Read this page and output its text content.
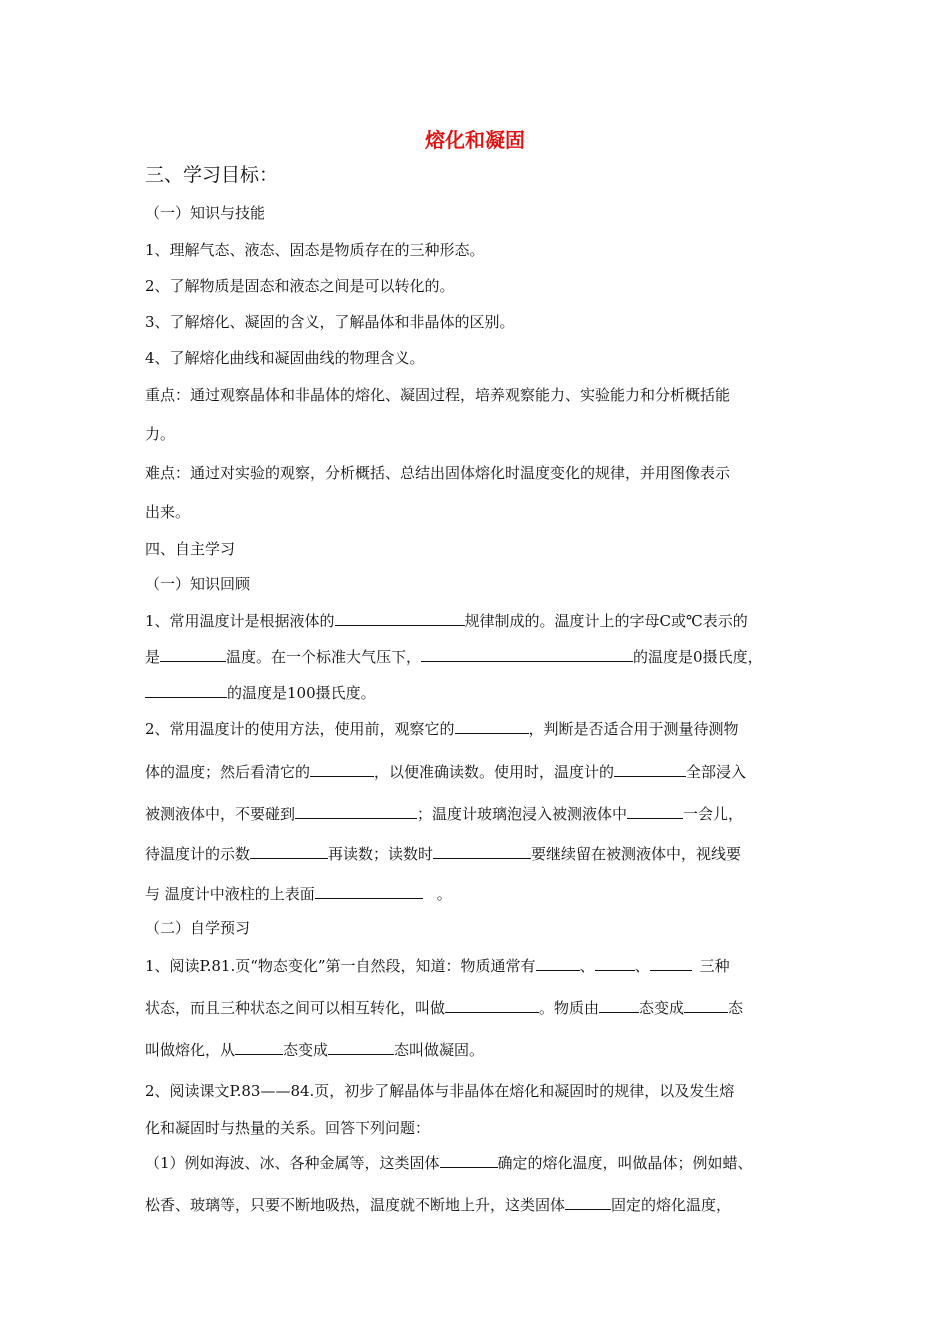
熔化和凝固
三、学习目标：
（一）知识与技能
1、理解气态、液态、固态是物质存在的三种形态。
2、了解物质是固态和液态之间是可以转化的。
3、了解熔化、凝固的含义，了解晶体和非晶体的区别。
4、了解熔化曲线和凝固曲线的物理含义。
重点：通过观察晶体和非晶体的熔化、凝固过程，培养观察能力、实验能力和分析概括能
力。
难点：通过对实验的观察，分析概括、总结出固体熔化时温度变化的规律，并用图像表示
出来。
四、自主学习
（一）知识回顾
1、常用温度计是根据液体的	规律制成的。温度计上的字母C或℃表示的
是	温度。在一个标准大气压下，	的温度是0摄氏度，
的温度是100摄氏度。
2、常用温度计的使用方法，使用前，观察它的	，判断是否适合用于测量待测物
体的温度；然后看清它的	，以便准确读数。使用时，温度计的	全部浸入
被测液体中，不要碰到	；温度计玻璃泡浸入被测液体中	一会儿，
待温度计的示数	再读数；读数时	要继续留在被测液体中，视线要
与 温度计中液柱的上表面	。
（二）自学预习
1、阅读P.81.页“物态变化”第一自然段，知道：物质通常有	、	、	三种
状态，而且三种状态之间可以相互转化，叫做	。物质由	态变成	态
叫做熔化，从	态变成	态叫做凝固。
2、阅读课文P.83——84.页，初步了解晶体与非晶体在熔化和凝固时的规律，以及发生熔
化和凝固时与热量的关系。回答下列问题：
（1）例如海波、冰、各种金属等，这类固体	确定的熔化温度，叫做晶体；例如蜡、
松香、玻璃等，只要不断地吸热，温度就不断地上升，这类固体	固定的熔化温度，
